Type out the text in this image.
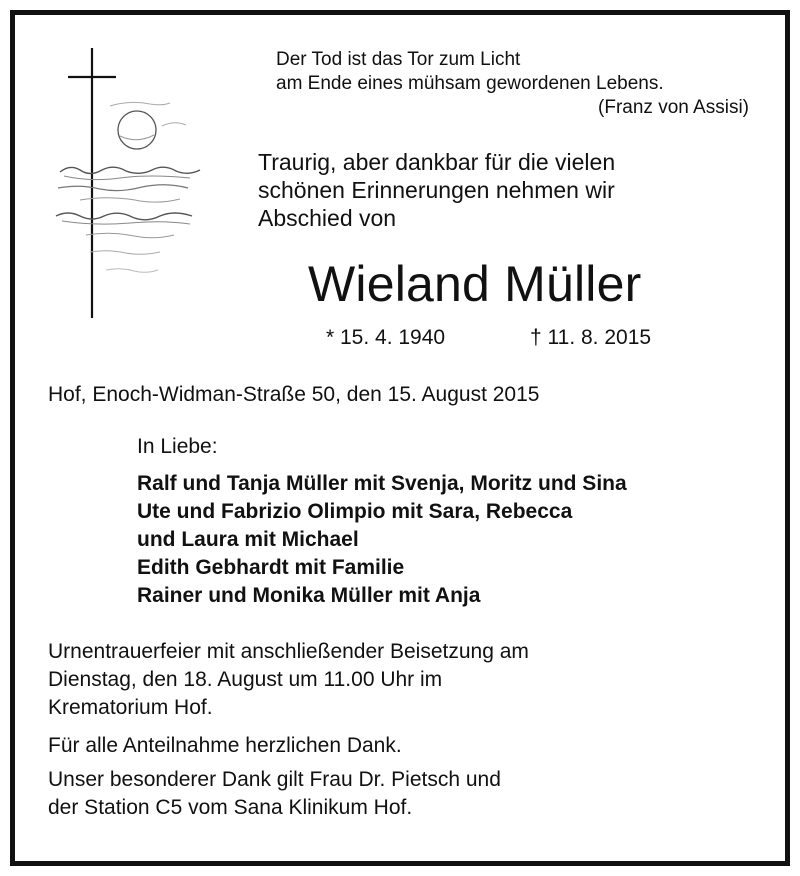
Der Tod ist das Tor zum Licht
am Ende eines mühsam gewordenen Lebens.
(Franz von Assisi)
Traurig, aber dankbar für die vielen
schönen Erinnerungen nehmen wir
Abschied von
Wieland Müller
* 15. 4. 1940	† 11. 8. 2015
Hof, Enoch-Widman-Straße 50, den 15. August 2015
In Liebe:
Ralf und Tanja Müller mit Svenja, Moritz und Sina
Ute und Fabrizio Olimpio mit Sara, Rebecca
und Laura mit Michael
Edith Gebhardt mit Familie
Rainer und Monika Müller mit Anja
Urnentrauerfeier mit anschließender Beisetzung am
Dienstag, den 18. August um 11.00 Uhr im
Krematorium Hof.
Für alle Anteilnahme herzlichen Dank.
Unser besonderer Dank gilt Frau Dr. Pietsch und
der Station C5 vom Sana Klinikum Hof.
